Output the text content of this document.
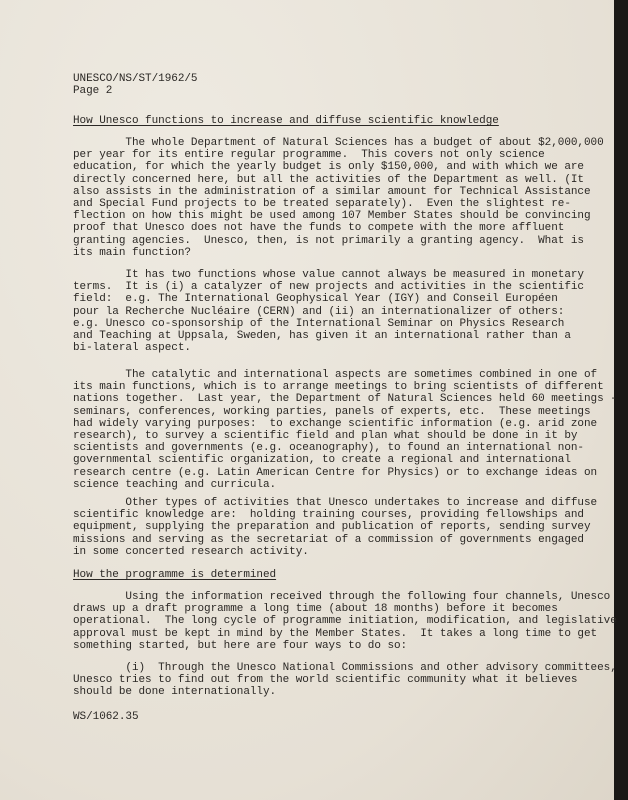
UNESCO/NS/ST/1962/5
Page 2
How Unesco functions to increase and diffuse scientific knowledge
The whole Department of Natural Sciences has a budget of about $2,000,000
per year for its entire regular programme.  This covers not only science
education, for which the yearly budget is only $150,000, and with which we are
directly concerned here, but all the activities of the Department as well. (It
also assists in the administration of a similar amount for Technical Assistance
and Special Fund projects to be treated separately).  Even the slightest re-
flection on how this might be used among 107 Member States should be convincing
proof that Unesco does not have the funds to compete with the more affluent
granting agencies.  Unesco, then, is not primarily a granting agency.  What is
its main function?
It has two functions whose value cannot always be measured in monetary
terms.  It is (i) a catalyzer of new projects and activities in the scientific
field:  e.g. The International Geophysical Year (IGY) and Conseil Européen
pour la Recherche Nucléaire (CERN) and (ii) an internationalizer of others:
e.g. Unesco co-sponsorship of the International Seminar on Physics Research
and Teaching at Uppsala, Sweden, has given it an international rather than a
bi-lateral aspect.
The catalytic and international aspects are sometimes combined in one of
its main functions, which is to arrange meetings to bring scientists of different
nations together.  Last year, the Department of Natural Sciences held 60 meetings -
seminars, conferences, working parties, panels of experts, etc.  These meetings
had widely varying purposes:  to exchange scientific information (e.g. arid zone
research), to survey a scientific field and plan what should be done in it by
scientists and governments (e.g. oceanography), to found an international non-
governmental scientific organization, to create a regional and international
research centre (e.g. Latin American Centre for Physics) or to exchange ideas on
science teaching and curricula.
Other types of activities that Unesco undertakes to increase and diffuse
scientific knowledge are:  holding training courses, providing fellowships and
equipment, supplying the preparation and publication of reports, sending survey
missions and serving as the secretariat of a commission of governments engaged
in some concerted research activity.
How the programme is determined
Using the information received through the following four channels, Unesco
draws up a draft programme a long time (about 18 months) before it becomes
operational.  The long cycle of programme initiation, modification, and legislative
approval must be kept in mind by the Member States.  It takes a long time to get
something started, but here are four ways to do so:
(i)  Through the Unesco National Commissions and other advisory committees,
Unesco tries to find out from the world scientific community what it believes
should be done internationally.
WS/1062.35
